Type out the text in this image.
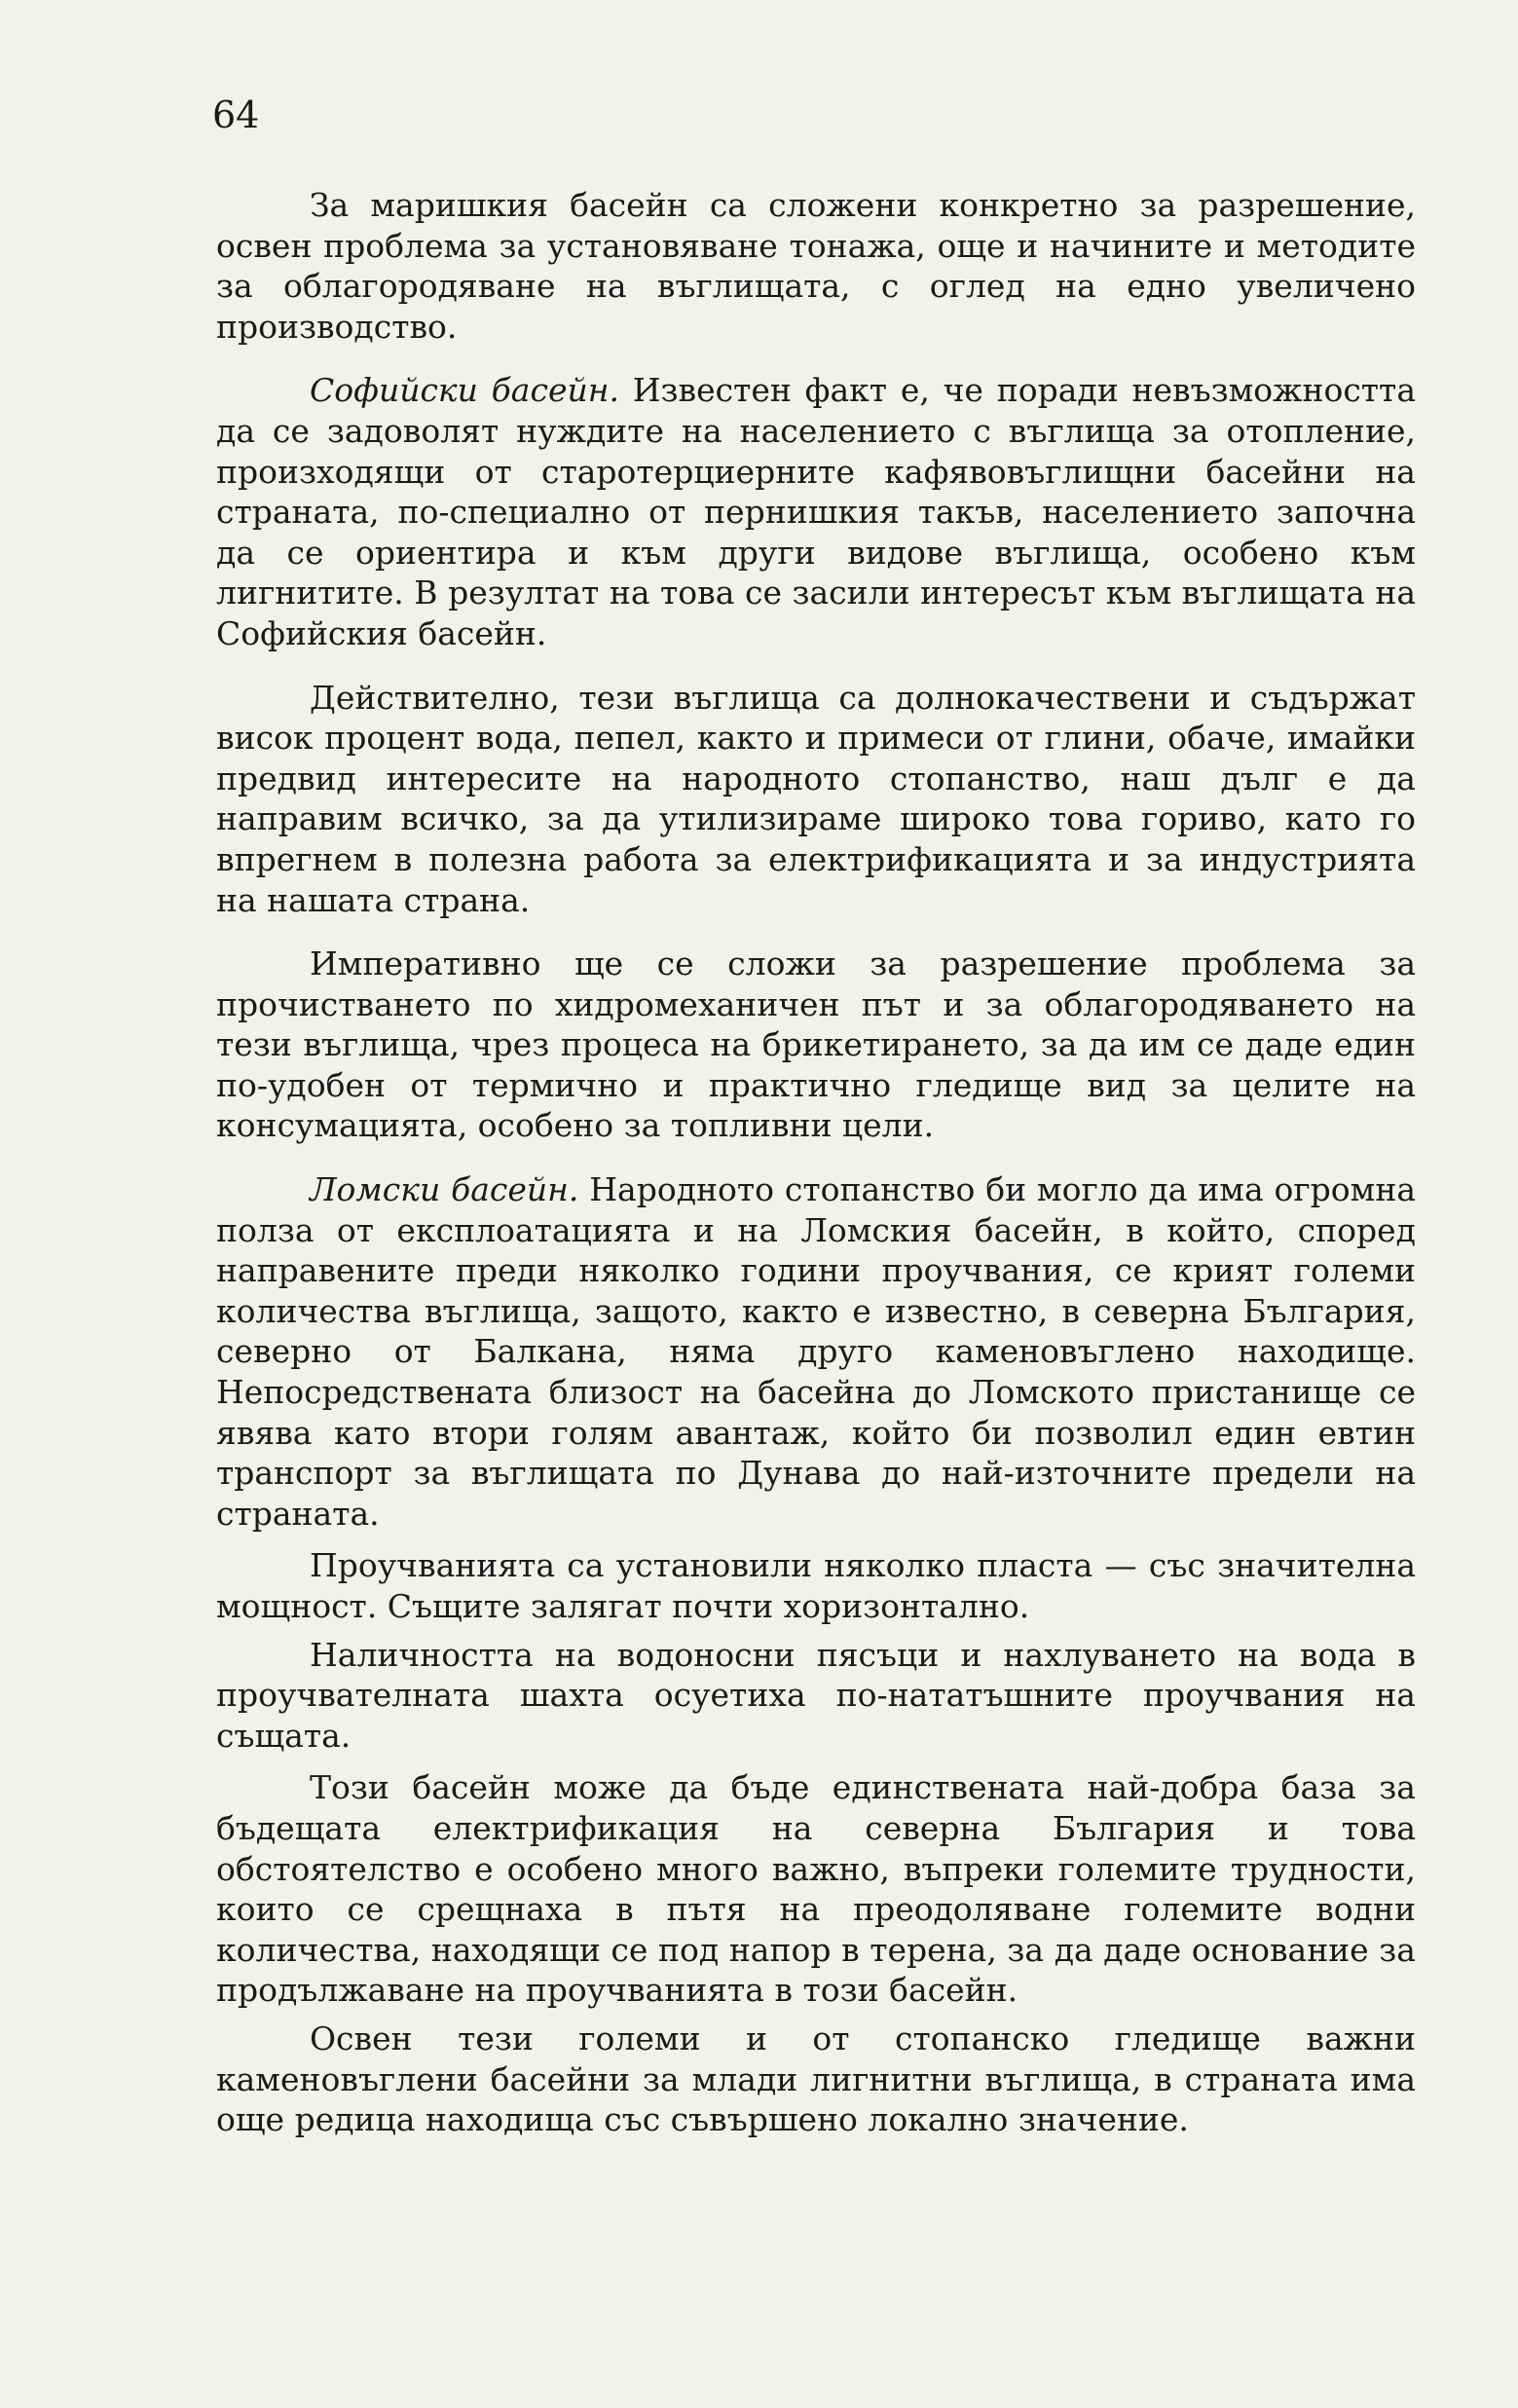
64

За маришкия басейн са сложени конкретно за разрешение, освен проблема за установяване тонажа, още и начините и методите за облагородяване на въглищата, с оглед на едно увеличено производство.

Софийски басейн. Известен факт е, че поради невъзможността да се задоволят нуждите на населението с въглища за отопление, произходящи от старотерциерните кафявовъглищни басейни на страната, по-специално от пернишкия такъв, населението започна да се ориентира и към други видове въглища, особено към лигнитите. В резултат на това се засили интересът към въглищата на Софийския басейн.

Действително, тези въглища са долнокачествени и съдържат висок процент вода, пепел, както и примеси от глини, обаче, имайки предвид интересите на народното стопанство, наш дълг е да направим всичко, за да утилизираме широко това гориво, като го впрегнем в полезна работа за електрификацията и за индустрията на нашата страна.

Императивно ще се сложи за разрешение проблема за прочистването по хидромеханичен път и за облагородяването на тези въглища, чрез процеса на брикетирането, за да им се даде един по-удобен от термично и практично гледище вид за целите на консумацията, особено за топливни цели.

Ломски басейн. Народното стопанство би могло да има огромна полза от експлоатацията и на Ломския басейн, в който, според направените преди няколко години проучвания, се крият големи количества въглища, защото, както е известно, в северна България, северно от Балкана, няма друго каменовъглено находище. Непосредствената близост на басейна до Ломското пристанище се явява като втори голям авантаж, който би позволил един евтин транспорт за въглищата по Дунава до най-източните предели на страната.

Проучванията са установили няколко пласта — със значителна мощност. Същите залягат почти хоризонтално.

Наличността на водоносни пясъци и нахлуването на вода в проучвателната шахта осуетиха по-нататъшните проучвания на същата.

Този басейн може да бъде единствената най-добра база за бъдещата електрификация на северна България и това обстоятелство е особено много важно, въпреки големите трудности, които се срещнаха в пътя на преодоляване големите водни количества, находящи се под напор в терена, за да даде основание за продължаване на проучванията в този басейн.

Освен тези големи и от стопанско гледище важни каменовъглени басейни за млади лигнитни въглища, в страната има още редица находища със съвършено локално значение.
